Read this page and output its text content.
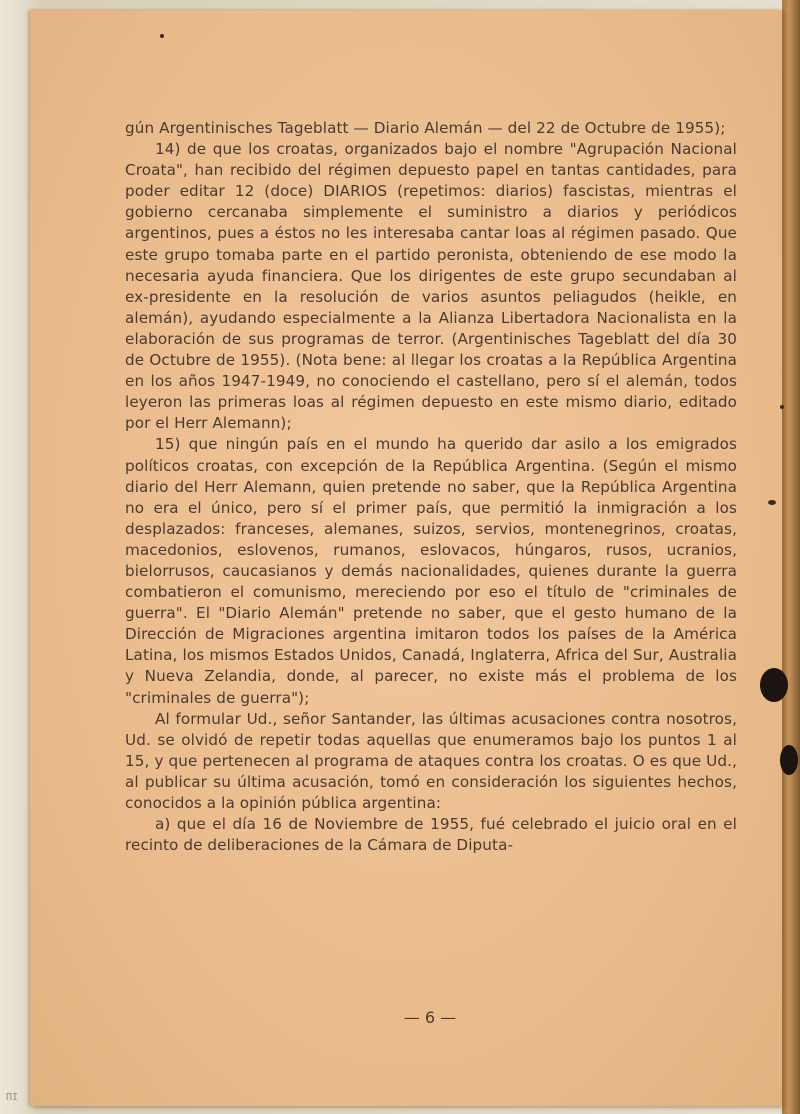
gún Argentinisches Tageblatt — Diario Alemán — del 22 de Octubre de 1955);

14) de que los croatas, organizados bajo el nombre "Agrupación Nacional Croata", han recibido del régimen depuesto papel en tantas cantidades, para poder editar 12 (doce) DIARIOS (repetimos: diarios) fascistas, mientras el gobierno cercanaba simplemente el suministro a diarios y periódicos argentinos, pues a éstos no les interesaba cantar loas al régimen pasado. Que este grupo tomaba parte en el partido peronista, obteniendo de ese modo la necesaria ayuda financiera. Que los dirigentes de este grupo secundaban al ex-presidente en la resolución de varios asuntos peliagudos (heikle, en alemán), ayudando especialmente a la Alianza Libertadora Nacionalista en la elaboración de sus programas de terror. (Argentinisches Tageblatt del día 30 de Octubre de 1955). (Nota bene: al llegar los croatas a la República Argentina en los años 1947-1949, no conociendo el castellano, pero sí el alemán, todos leyeron las primeras loas al régimen depuesto en este mismo diario, editado por el Herr Alemann);

15) que ningún país en el mundo ha querido dar asilo a los emigrados políticos croatas, con excepción de la República Argentina. (Según el mismo diario del Herr Alemann, quien pretende no saber, que la República Argentina no era el único, pero sí el primer país, que permitió la inmigración a los desplazados: franceses, alemanes, suizos, servios, montenegrinos, croatas, macedonios, eslovenos, rumanos, eslovacos, húngaros, rusos, ucranios, bielorrusos, caucasianos y demás nacionalidades, quienes durante la guerra combatieron el comunismo, mereciendo por eso el título de "criminales de guerra". El "Diario Alemán" pretende no saber, que el gesto humano de la Dirección de Migraciones argentina imitaron todos los países de la América Latina, los mismos Estados Unidos, Canadá, Inglaterra, Africa del Sur, Australia y Nueva Zelandia, donde, al parecer, no existe más el problema de los "criminales de guerra");

Al formular Ud., señor Santander, las últimas acusaciones contra nosotros, Ud. se olvidó de repetir todas aquellas que enumeramos bajo los puntos 1 al 15, y que pertenecen al programa de ataques contra los croatas. O es que Ud., al publicar su última acusación, tomó en consideración los siguientes hechos, conocidos a la opinión pública argentina:

a) que el día 16 de Noviembre de 1955, fué celebrado el juicio oral en el recinto de deliberaciones de la Cámara de Diputa-

— 6 —
ПІ
